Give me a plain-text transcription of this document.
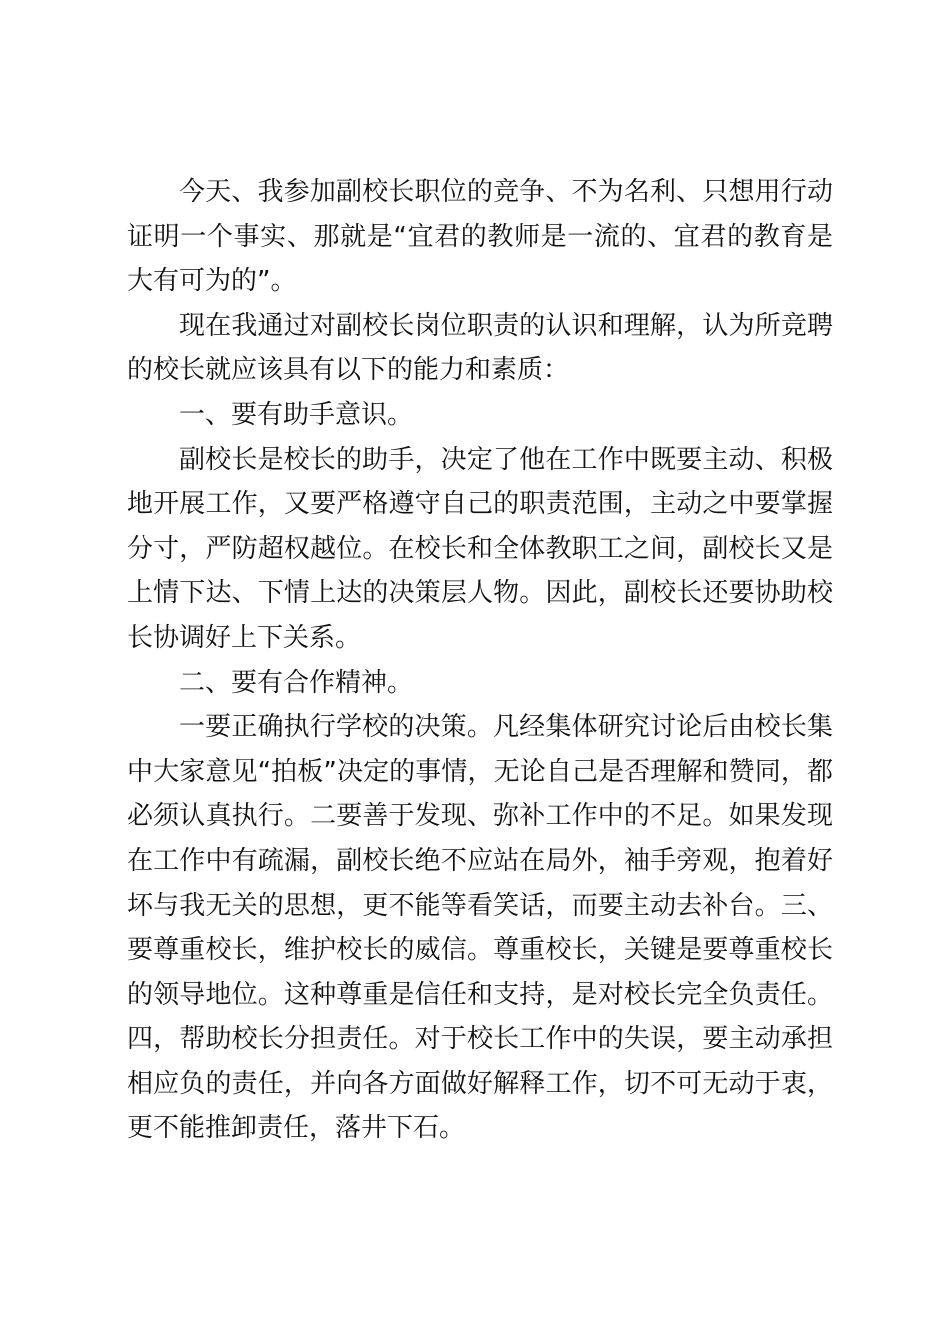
今天、我参加副校长职位的竞争、不为名利、只想用行动证明一个事实、那就是“宜君的教师是一流的、宜君的教育是大有可为的”。

现在我通过对副校长岗位职责的认识和理解，认为所竞聘的校长就应该具有以下的能力和素质：

一、要有助手意识。

副校长是校长的助手，决定了他在工作中既要主动、积极地开展工作，又要严格遵守自己的职责范围，主动之中要掌握分寸，严防超权越位。在校长和全体教职工之间，副校长又是上情下达、下情上达的决策层人物。因此，副校长还要协助校长协调好上下关系。

二、要有合作精神。

一要正确执行学校的决策。凡经集体研究讨论后由校长集中大家意见“拍板”决定的事情，无论自己是否理解和赞同，都必须认真执行。二要善于发现、弥补工作中的不足。如果发现在工作中有疏漏，副校长绝不应站在局外，袖手旁观，抱着好坏与我无关的思想，更不能等看笑话，而要主动去补台。三、要尊重校长，维护校长的威信。尊重校长，关键是要尊重校长的领导地位。这种尊重是信任和支持，是对校长完全负责任。四，帮助校长分担责任。对于校长工作中的失误，要主动承担相应负的责任，并向各方面做好解释工作，切不可无动于衷，更不能推卸责任，落井下石。
